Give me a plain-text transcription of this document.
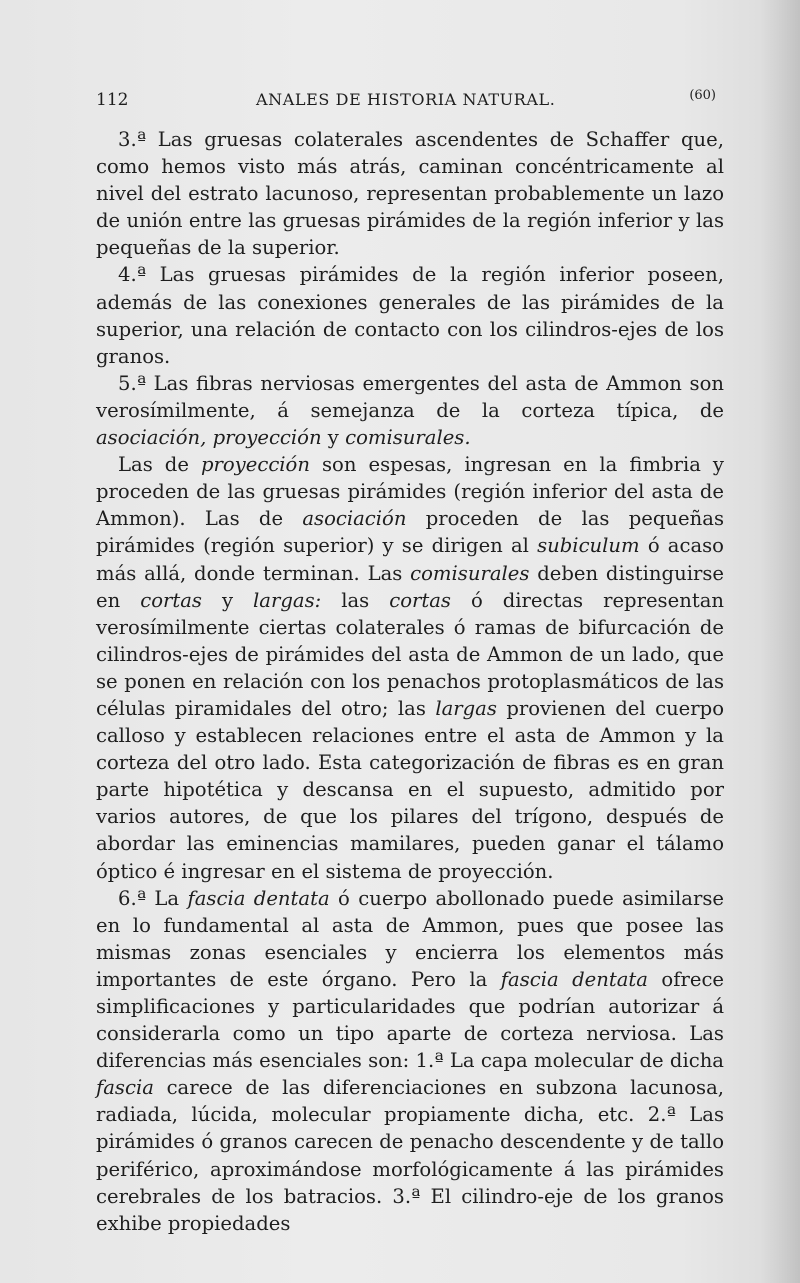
112	ANALES DE HISTORIA NATURAL.	(60)

3.ª Las gruesas colaterales ascendentes de Schaffer que, como hemos visto más atrás, caminan concéntricamente al nivel del estrato lacunoso, representan probablemente un lazo de unión entre las gruesas pirámides de la región inferior y las pequeñas de la superior.

4.ª Las gruesas pirámides de la región inferior poseen, además de las conexiones generales de las pirámides de la superior, una relación de contacto con los cilindros-ejes de los granos.

5.ª Las fibras nerviosas emergentes del asta de Ammon son verosímilmente, á semejanza de la corteza típica, de asociación, proyección y comisurales.

Las de proyección son espesas, ingresan en la fimbria y proceden de las gruesas pirámides (región inferior del asta de Ammon). Las de asociación proceden de las pequeñas pirámides (región superior) y se dirigen al subiculum ó acaso más allá, donde terminan. Las comisurales deben distinguirse en cortas y largas: las cortas ó directas representan verosímilmente ciertas colaterales ó ramas de bifurcación de cilindros-ejes de pirámides del asta de Ammon de un lado, que se ponen en relación con los penachos protoplasmáticos de las células piramidales del otro; las largas provienen del cuerpo calloso y establecen relaciones entre el asta de Ammon y la corteza del otro lado. Esta categorización de fibras es en gran parte hipotética y descansa en el supuesto, admitido por varios autores, de que los pilares del trígono, después de abordar las eminencias mamilares, pueden ganar el tálamo óptico é ingresar en el sistema de proyección.

6.ª La fascia dentata ó cuerpo abollonado puede asimilarse en lo fundamental al asta de Ammon, pues que posee las mismas zonas esenciales y encierra los elementos más importantes de este órgano. Pero la fascia dentata ofrece simplificaciones y particularidades que podrían autorizar á considerarla como un tipo aparte de corteza nerviosa. Las diferencias más esenciales son: 1.ª La capa molecular de dicha fascia carece de las diferenciaciones en subzona lacunosa, radiada, lúcida, molecular propiamente dicha, etc. 2.ª Las pirámides ó granos carecen de penacho descendente y de tallo periférico, aproximándose morfológicamente á las pirámides cerebrales de los batracios. 3.ª El cilindro-eje de los granos exhibe propiedades
